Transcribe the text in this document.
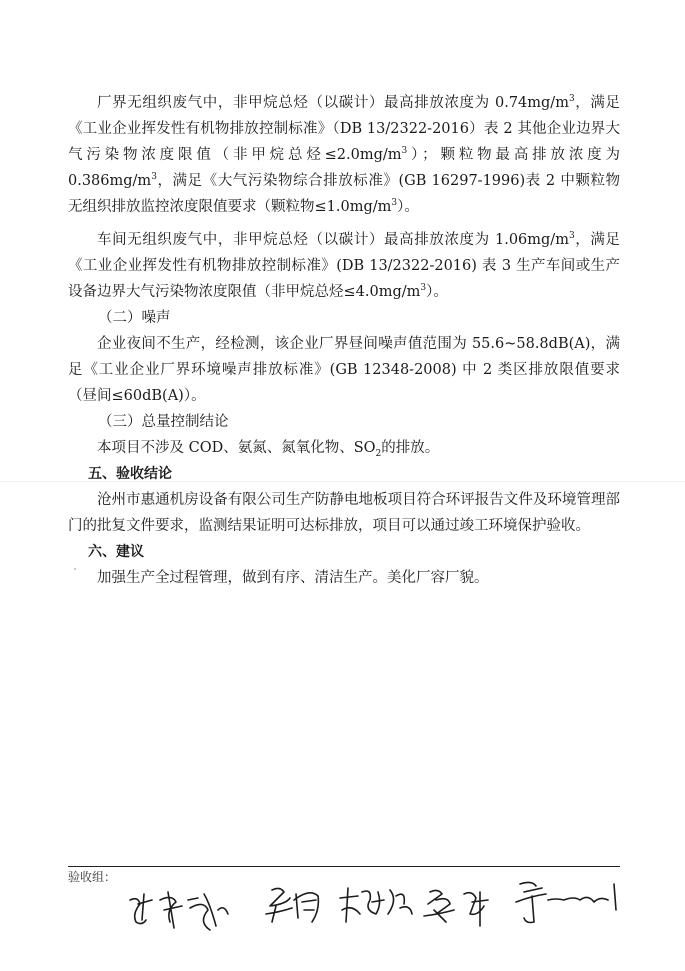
厂界无组织废气中，非甲烷总烃（以碳计）最高排放浓度为 $0.74mg/m^3$，满足《工业企业挥发性有机物排放控制标准》（DB 13/2322-2016）表 2 其他企业边界大气污染物浓度限值（非甲烷总烃$\le 2.0mg/m^3$）；颗粒物最高排放浓度为 $0.386mg/m^3$，满足《大气污染物综合排放标准》(GB 16297-1996)表 2 中颗粒物无组织排放监控浓度限值要求（颗粒物$\le 1.0mg/m^3$）。

车间无组织废气中，非甲烷总烃（以碳计）最高排放浓度为 $1.06mg/m^3$，满足《工业企业挥发性有机物排放控制标准》(DB 13/2322-2016) 表 3 生产车间或生产设备边界大气污染物浓度限值（非甲烷总烃$\le 4.0mg/m^3$）。

（二）噪声

企业夜间不生产，经检测，该企业厂界昼间噪声值范围为 55.6~58.8dB(A)，满足《工业企业厂界环境噪声排放标准》(GB 12348-2008) 中 2 类区排放限值要求（昼间≤60dB(A)）。

（三）总量控制结论

本项目不涉及 COD、氨氮、氮氧化物、$SO_2$的排放。

五、验收结论

沧州市惠通机房设备有限公司生产防静电地板项目符合环评报告文件及环境管理部门的批复文件要求，监测结果证明可达标排放，项目可以通过竣工环境保护验收。

六、建议

加强生产全过程管理，做到有序、清洁生产。美化厂容厂貌。

验收组：
